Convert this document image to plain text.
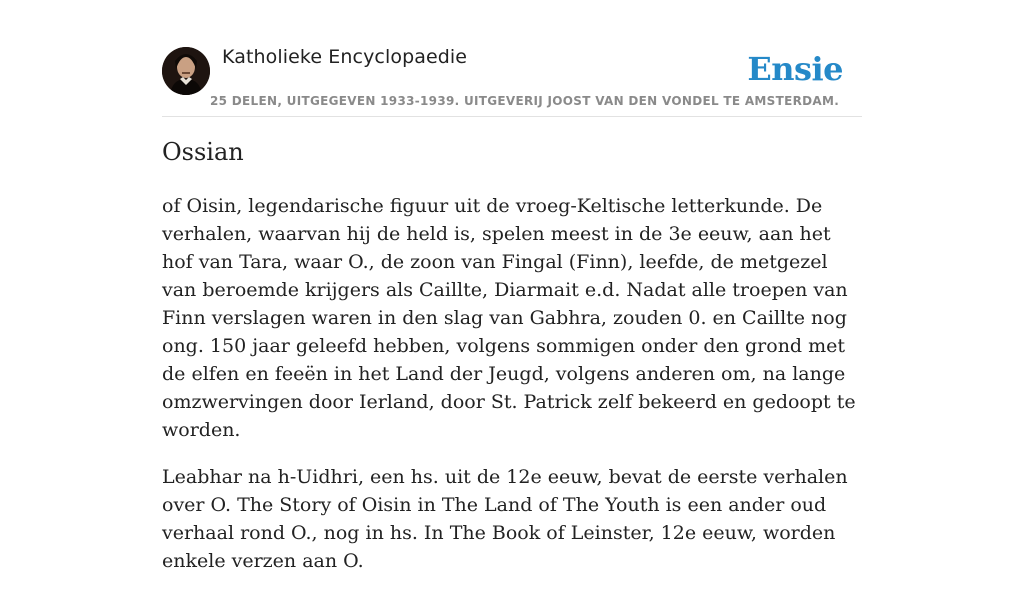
Katholieke Encyclopaedie
25 DELEN, UITGEGEVEN 1933-1939. UITGEVERIJ JOOST VAN DEN VONDEL TE AMSTERDAM.
Ensie
Ossian

of Oisin, legendarische figuur uit de vroeg-Keltische letterkunde. De verhalen, waarvan hij de held is, spelen meest in de 3e eeuw, aan het hof van Tara, waar O., de zoon van Fingal (Finn), leefde, de metgezel van beroemde krijgers als Caillte, Diarmait e.d. Nadat alle troepen van Finn verslagen waren in den slag van Gabhra, zouden 0. en Caillte nog ong. 150 jaar geleefd hebben, volgens sommigen onder den grond met de elfen en feeën in het Land der Jeugd, volgens anderen om, na lange omzwervingen door Ierland, door St. Patrick zelf bekeerd en gedoopt te worden.

Leabhar na h-Uidhri, een hs. uit de 12e eeuw, bevat de eerste verhalen over O. The Story of Oisin in The Land of The Youth is een ander oud verhaal rond O., nog in hs. In The Book of Leinster, 12e eeuw, worden enkele verzen aan O.
